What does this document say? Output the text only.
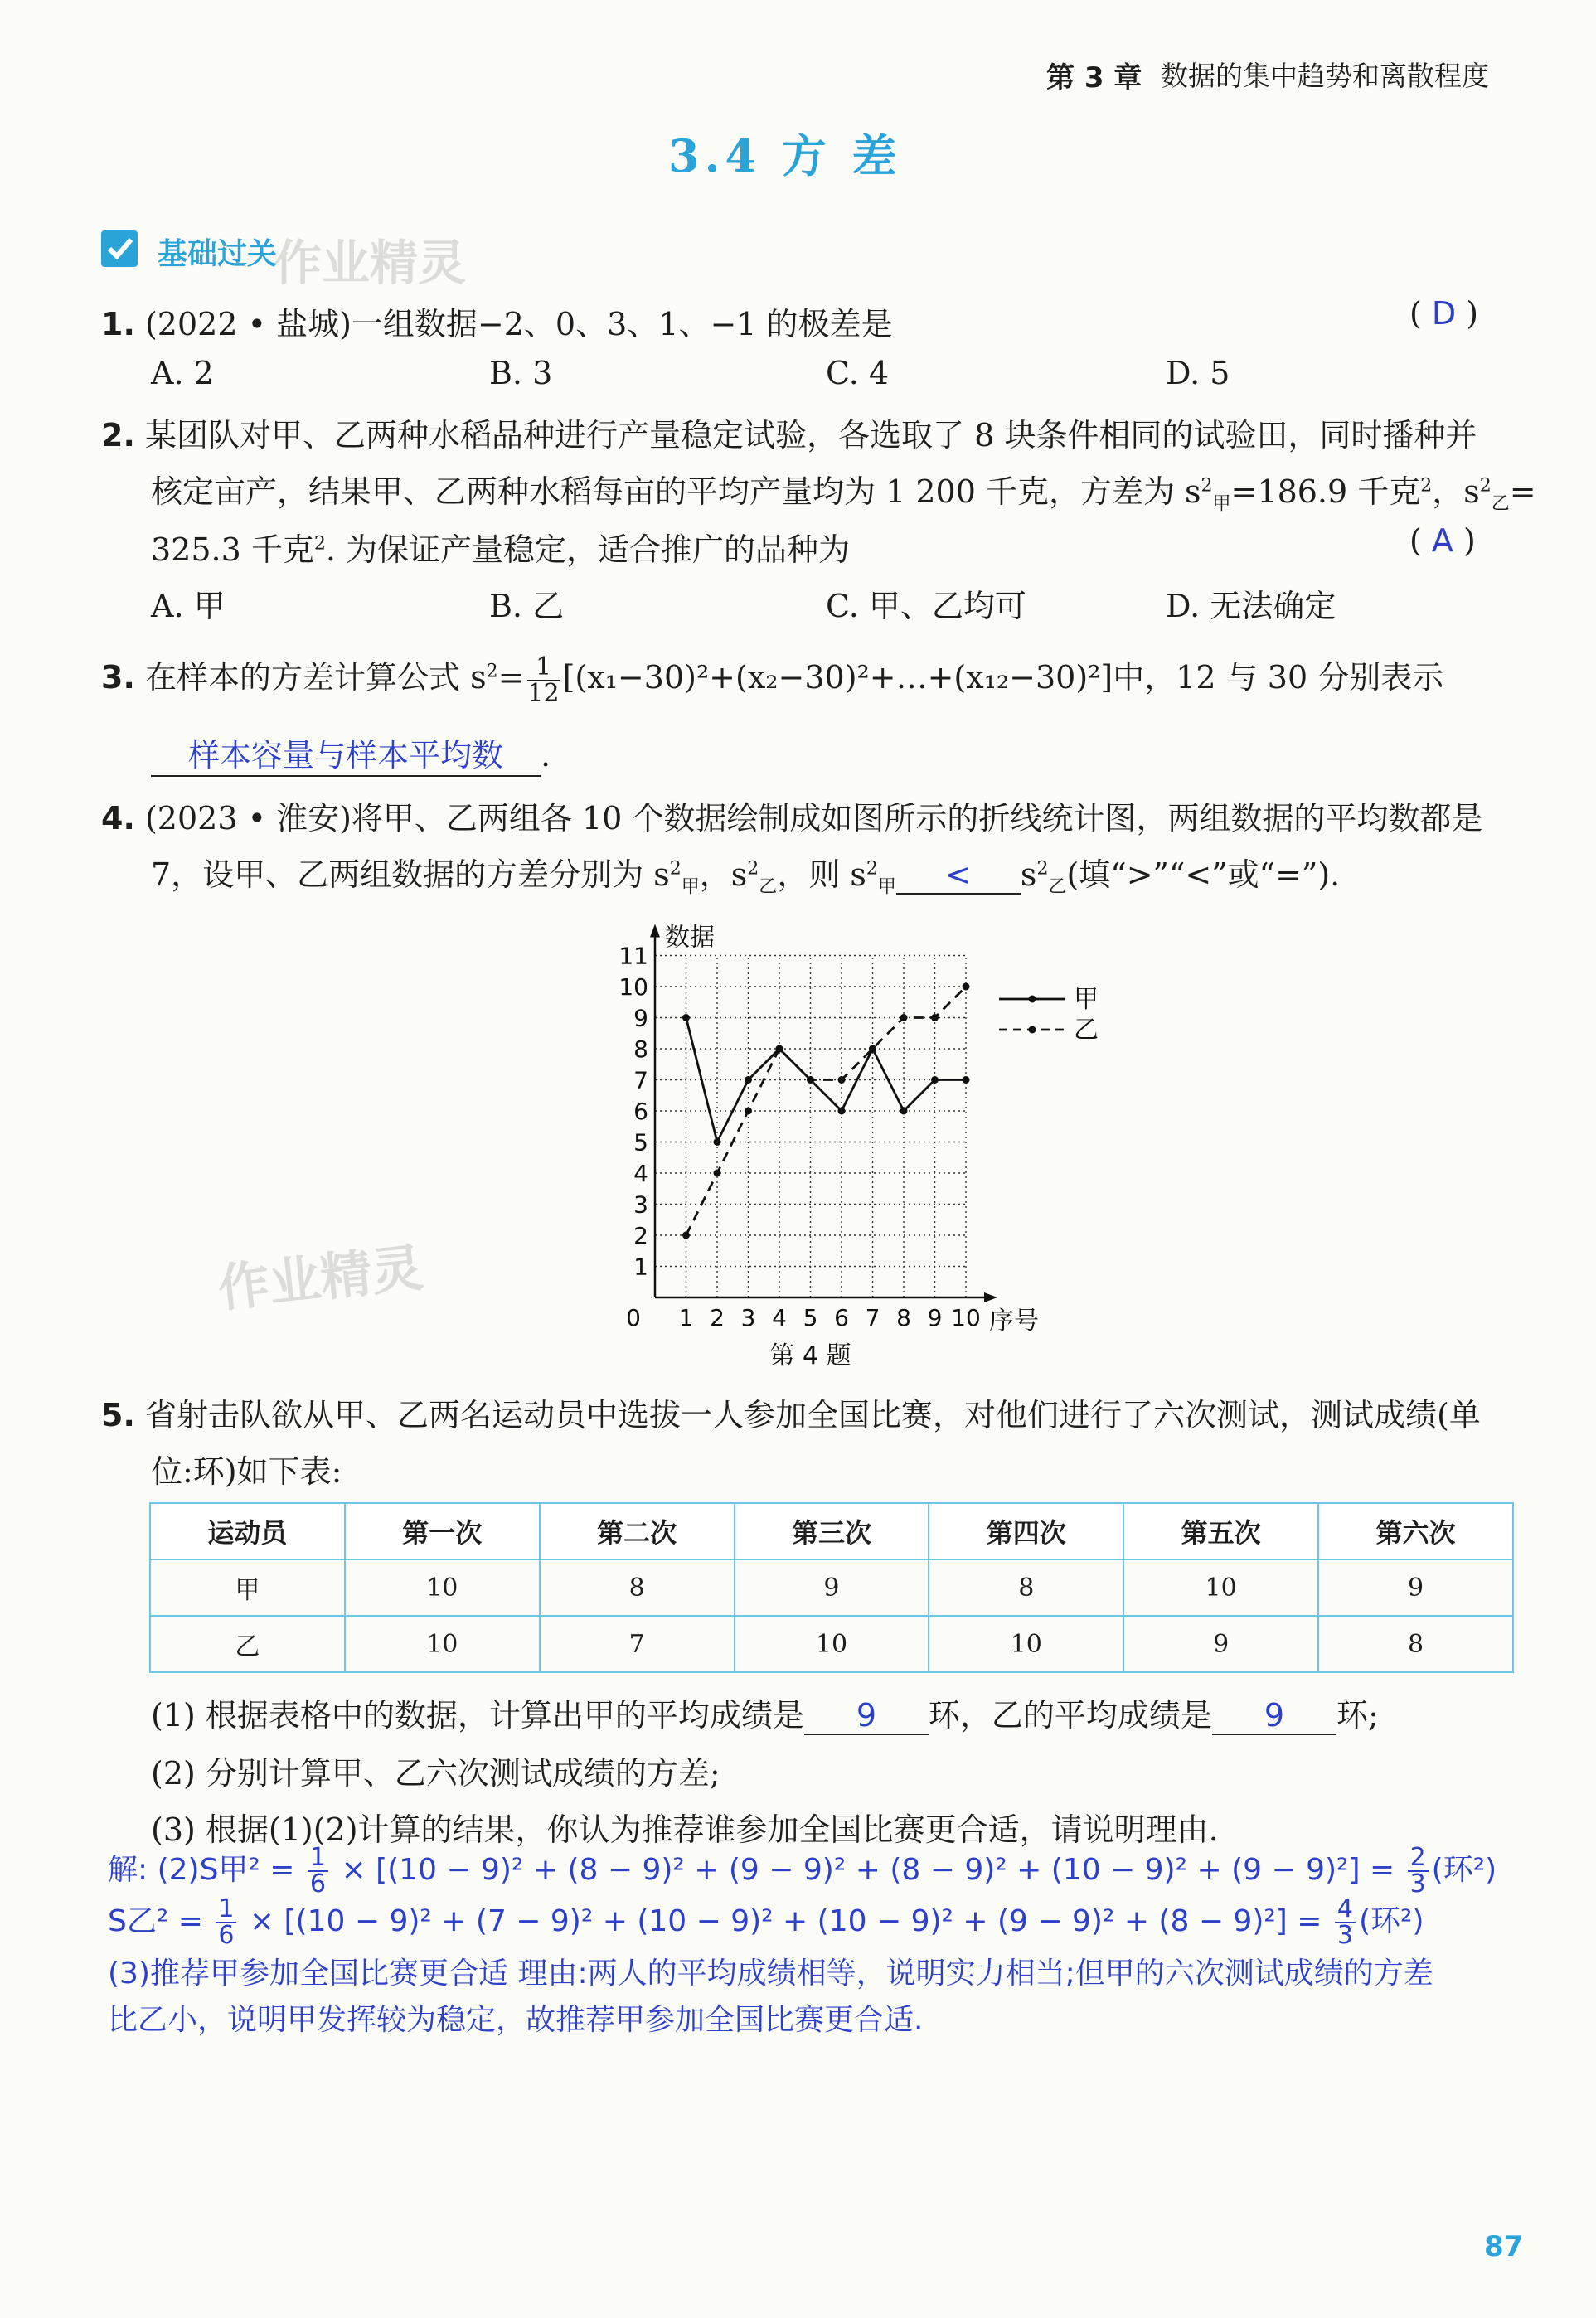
第 3 章 数据的集中趋势和离散程度
3.4 方 差
基础过关
作业精灵
1. (2022 • 盐城)一组数据−2、0、3、1、−1 的极差是	( D )
A. 2	B. 3	C. 4	D. 5
2. 某团队对甲、乙两种水稻品种进行产量稳定试验，各选取了 8 块条件相同的试验田，同时播种并
核定亩产，结果甲、乙两种水稻每亩的平均产量均为 1 200 千克，方差为 $s^2_甲=186.9$ 千克$^2$，$s^2_乙=$
325.3 千克$^2$. 为保证产量稳定，适合推广的品种为	( A )
A. 甲	B. 乙	C. 甲、乙均可	D. 无法确定
3. 在样本的方差计算公式 $s^2= \frac{1}{12}$ [(x₁−30)²+(x₂−30)²+…+(x₁₂−30)²]中，12 与 30 分别表示
样本容量与样本平均数 .
4. (2023 • 淮安)将甲、乙两组各 10 个数据绘制成如图所示的折线统计图，两组数据的平均数都是
7，设甲、乙两组数据的方差分别为 $s^2_甲$，$s^2_乙$，则 $s^2_甲 < s^2_乙$(填“>”“<”或“=”).
0 1 2 3 4 5 6 7 8 9 10
1
2
3
4
5
6
7
8
9
10
11
数据
序号
甲
乙
第 4 题
作业精灵
5. 省射击队欲从甲、乙两名运动员中选拔一人参加全国比赛，对他们进行了六次测试，测试成绩(单
位:环)如下表:
运动员	第一次	第二次	第三次	第四次	第五次	第六次
甲	10	8	9	8	10	9
乙	10	7	10	10	9	8
(1) 根据表格中的数据，计算出甲的平均成绩是 9 环，乙的平均成绩是 9 环;
(2) 分别计算甲、乙六次测试成绩的方差;
(3) 根据(1)(2)计算的结果，你认为推荐谁参加全国比赛更合适，请说明理由.
解: (2)S甲$^2 = \frac{1}{6} \times [(10 - 9)^2 + (8 - 9)^2 + (9 - 9)^2 + (8 - 9)^2 + (10 - 9)^2 + (9 - 9)^2] = \frac{2}{3}$ (环²)
S乙$^2 = \frac{1}{6} \times [(10 - 9)^2 + (7 - 9)^2 + (10 - 9)^2 + (10 - 9)^2 + (9 - 9)^2 + (8 - 9)^2] = \frac{4}{3}$ (环²)
(3)推荐甲参加全国比赛更合适 理由:两人的平均成绩相等，说明实力相当;但甲的六次测试成绩的方差
比乙小，说明甲发挥较为稳定，故推荐甲参加全国比赛更合适.
87
